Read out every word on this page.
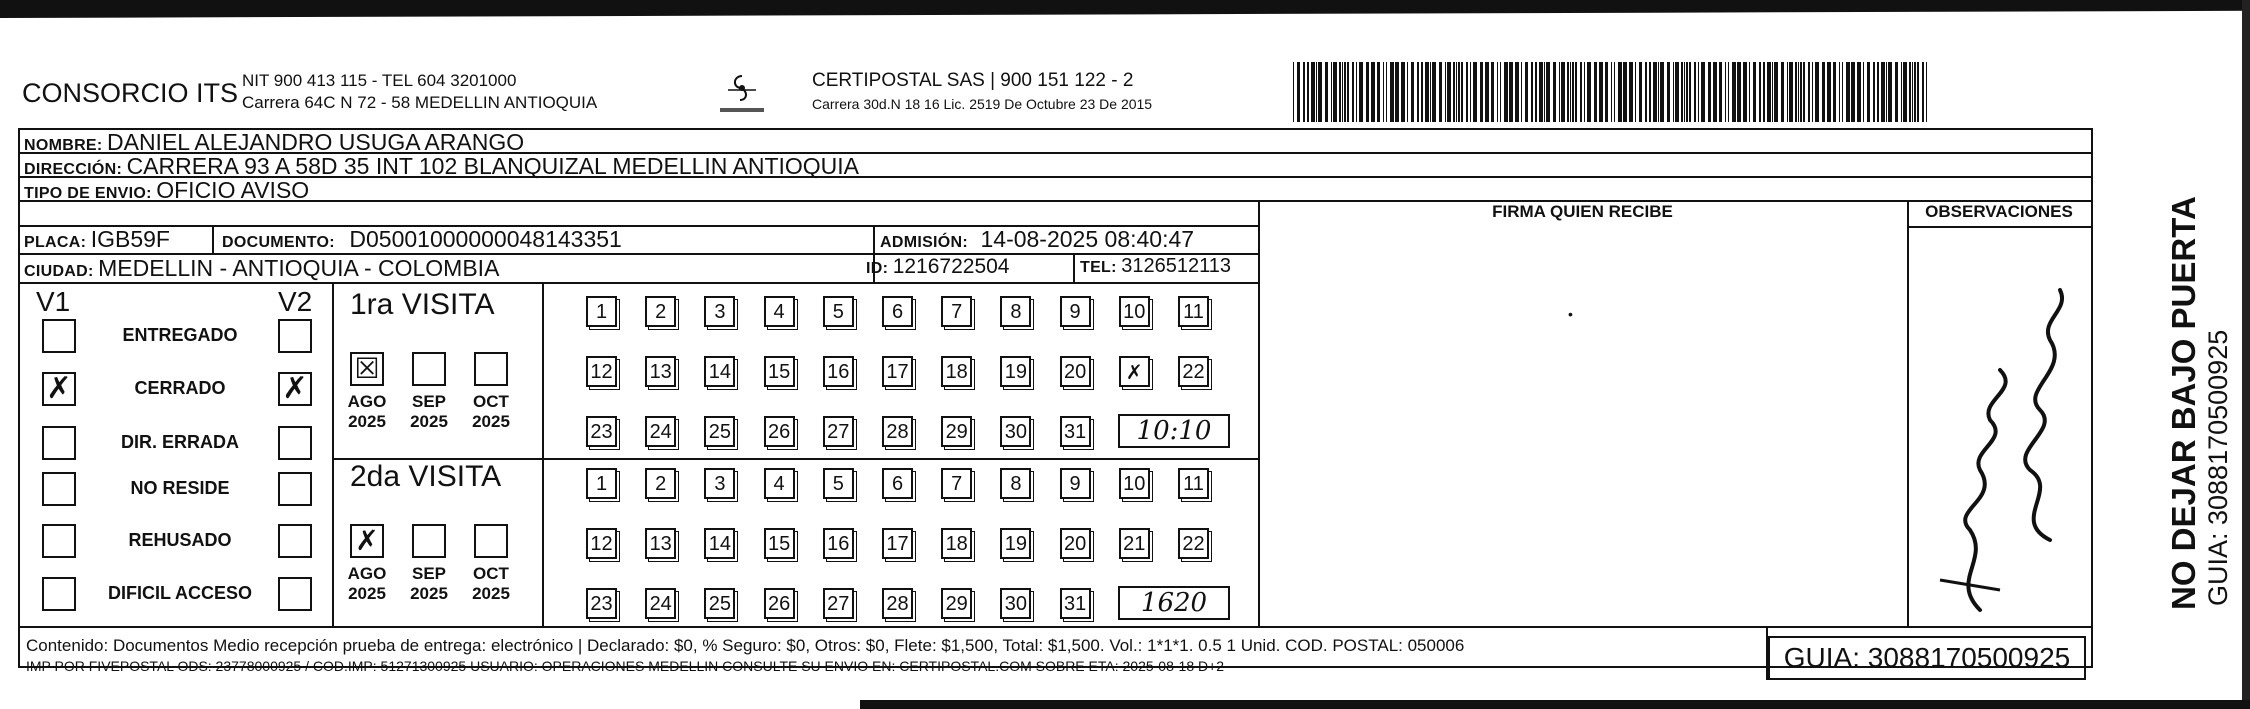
CONSORCIO ITS NIT 900 413 115 - TEL 604 3201000
Carrera 64C N 72 - 58 MEDELLIN ANTIOQUIA
CERTIPOSTAL SAS | 900 151 122 - 2
Carrera 30d.N 18 16 Lic. 2519 De Octubre 23 De 2015
NOMBRE: DANIEL ALEJANDRO USUGA ARANGO
DIRECCIÓN: CARRERA 93 A 58D 35 INT 102 BLANQUIZAL MEDELLIN ANTIOQUIA
TIPO DE ENVIO: OFICIO AVISO
PLACA: IGB59F	DOCUMENTO: D05001000000048143351	ADMISIÓN: 14-08-2025 08:40:47
CIUDAD: MEDELLIN - ANTIOQUIA - COLOMBIA	ID: 1216722504	TEL: 3126512113
FIRMA QUIEN RECIBE	OBSERVACIONES
•
V1	V2
ENTREGADO
✗	CERRADO	✗
DIR. ERRADA
NO RESIDE
REHUSADO
DIFICIL ACCESO
1ra VISITA
☒
AGO
2025
SEP
2025
OCT
2025
1	2	3	4	5	6	7	8	9	10 11
12 13 14 15 16 17 18 19 20	✗	22
23 24 25 26 27 28 29 30 31	10:10
2da VISITA
✗
AGO
2025
SEP
2025
OCT
2025
1	2	3	4	5	6	7	8	9	10 11
12 13 14 15 16 17 18 19 20 21 22
23 24 25 26 27 28 29 30 31	1620
Contenido: Documentos Medio recepción prueba de entrega: electrónico | Declarado: $0, % Seguro: $0, Otros: $0, Flete: $1,500, Total: $1,500. Vol.: 1*1*1. 0.5 1 Unid. COD. POSTAL: 050006
IMP POR FIVEPOSTAL ODS: 23778000925 / COD.IMP: 51271300925 USUARIO: OPERACIONES MEDELLIN CONSULTE SU ENVIO EN: CERTIPOSTAL.COM SOBRE ETA: 2025-08-18 D+2	GUIA: 3088170500925
NO DEJAR BAJO PUERTA GUIA: 3088170500925
